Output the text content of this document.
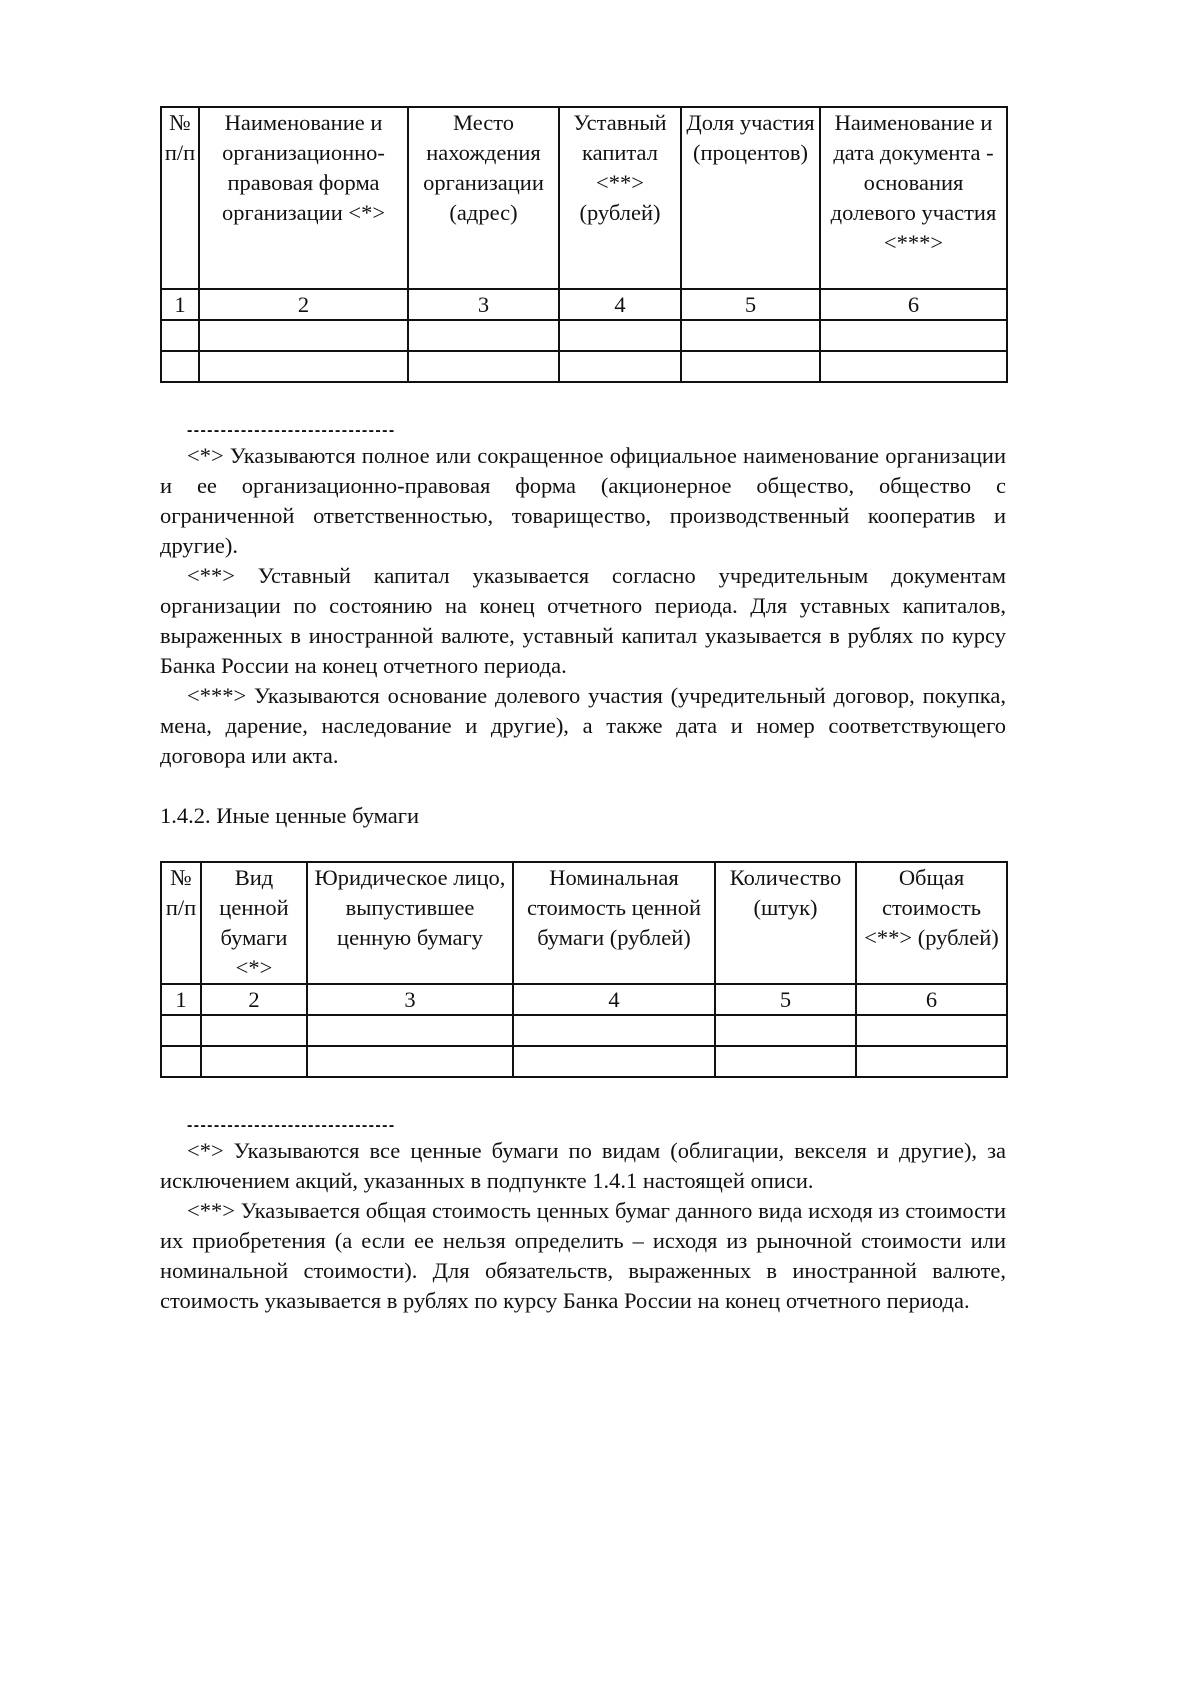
№ п/п	Наименование и организационно-правовая форма организации <*>	Место нахождения организации (адрес)	Уставный капитал <**> (рублей)	Доля участия (процентов)	Наименование и дата документа - основания долевого участия <***>
1	2	3	4	5	6

-------------------------------

<*> Указываются полное или сокращенное официальное наименование организации и ее организационно-правовая форма (акционерное общество, общество с ограниченной ответственностью, товарищество, производственный кооператив и другие).

<**> Уставный капитал указывается согласно учредительным документам организации по состоянию на конец отчетного периода. Для уставных капиталов, выраженных в иностранной валюте, уставный капитал указывается в рублях по курсу Банка России на конец отчетного периода.

<***> Указываются основание долевого участия (учредительный договор, покупка, мена, дарение, наследование и другие), а также дата и номер соответствующего договора или акта.

1.4.2. Иные ценные бумаги

№ п/п	Вид ценной бумаги <*>	Юридическое лицо, выпустившее ценную бумагу	Номинальная стоимость ценной бумаги (рублей)	Количество (штук)	Общая стоимость <**> (рублей)
1	2	3	4	5	6

-------------------------------

<*> Указываются все ценные бумаги по видам (облигации, векселя и другие), за исключением акций, указанных в подпункте 1.4.1 настоящей описи.

<**> Указывается общая стоимость ценных бумаг данного вида исходя из стоимости их приобретения (а если ее нельзя определить – исходя из рыночной стоимости или номинальной стоимости). Для обязательств, выраженных в иностранной валюте, стоимость указывается в рублях по курсу Банка России на конец отчетного периода.
